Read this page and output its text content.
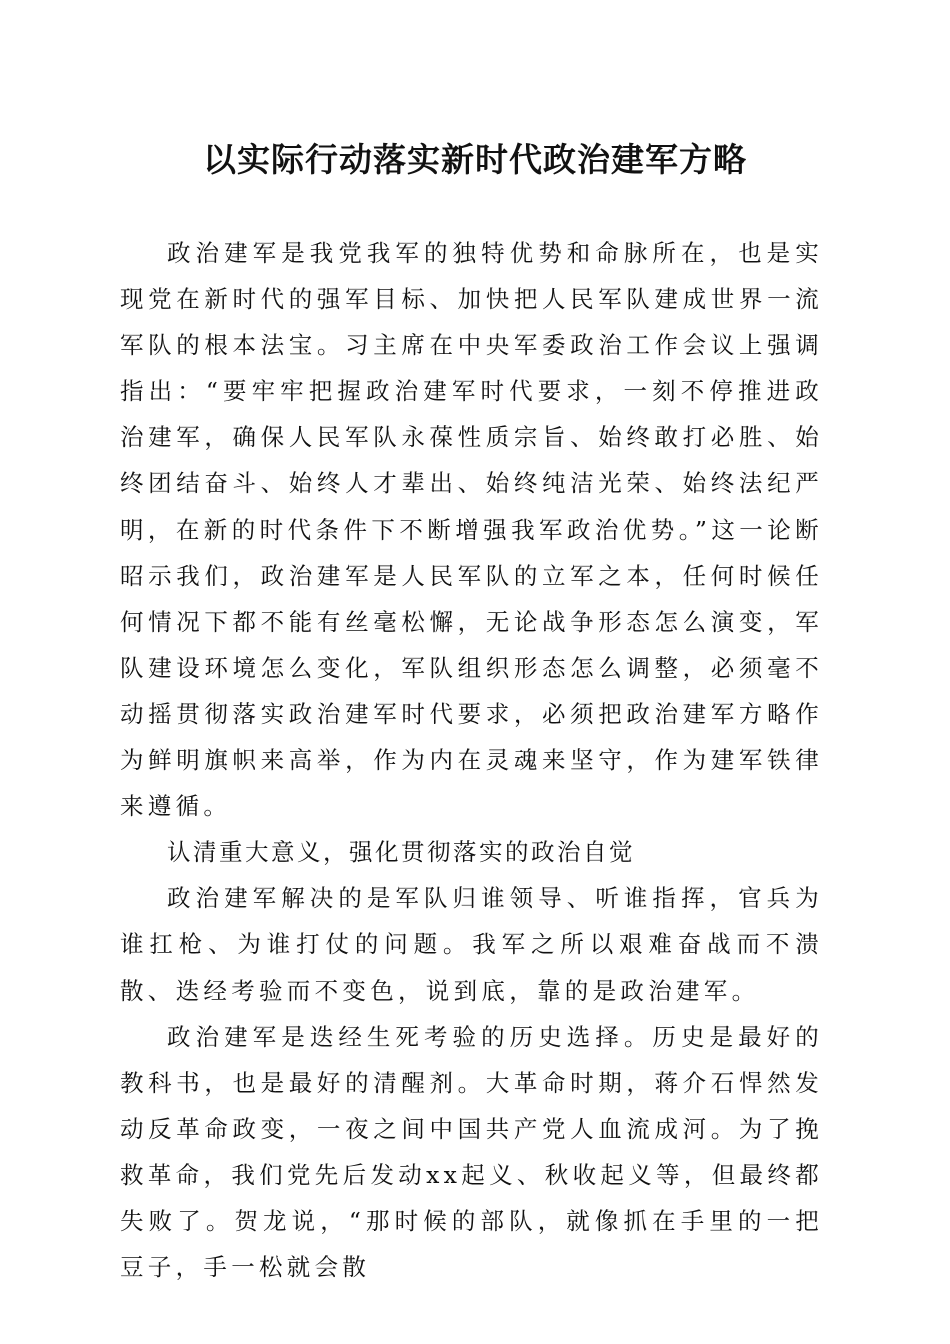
以实际行动落实新时代政治建军方略

政治建军是我党我军的独特优势和命脉所在，也是实现党在新时代的强军目标、加快把人民军队建成世界一流军队的根本法宝。习主席在中央军委政治工作会议上强调指出：“要牢牢把握政治建军时代要求，一刻不停推进政治建军，确保人民军队永葆性质宗旨、始终敢打必胜、始终团结奋斗、始终人才辈出、始终纯洁光荣、始终法纪严明，在新的时代条件下不断增强我军政治优势。”这一论断昭示我们，政治建军是人民军队的立军之本，任何时候任何情况下都不能有丝毫松懈，无论战争形态怎么演变，军队建设环境怎么变化，军队组织形态怎么调整，必须毫不动摇贯彻落实政治建军时代要求，必须把政治建军方略作为鲜明旗帜来高举，作为内在灵魂来坚守，作为建军铁律来遵循。

认清重大意义，强化贯彻落实的政治自觉

政治建军解决的是军队归谁领导、听谁指挥，官兵为谁扛枪、为谁打仗的问题。我军之所以艰难奋战而不溃散、迭经考验而不变色，说到底，靠的是政治建军。

政治建军是迭经生死考验的历史选择。历史是最好的教科书，也是最好的清醒剂。大革命时期，蒋介石悍然发动反革命政变，一夜之间中国共产党人血流成河。为了挽救革命，我们党先后发动xx起义、秋收起义等，但最终都失败了。贺龙说，“那时候的部队，就像抓在手里的一把豆子，手一松就会散
